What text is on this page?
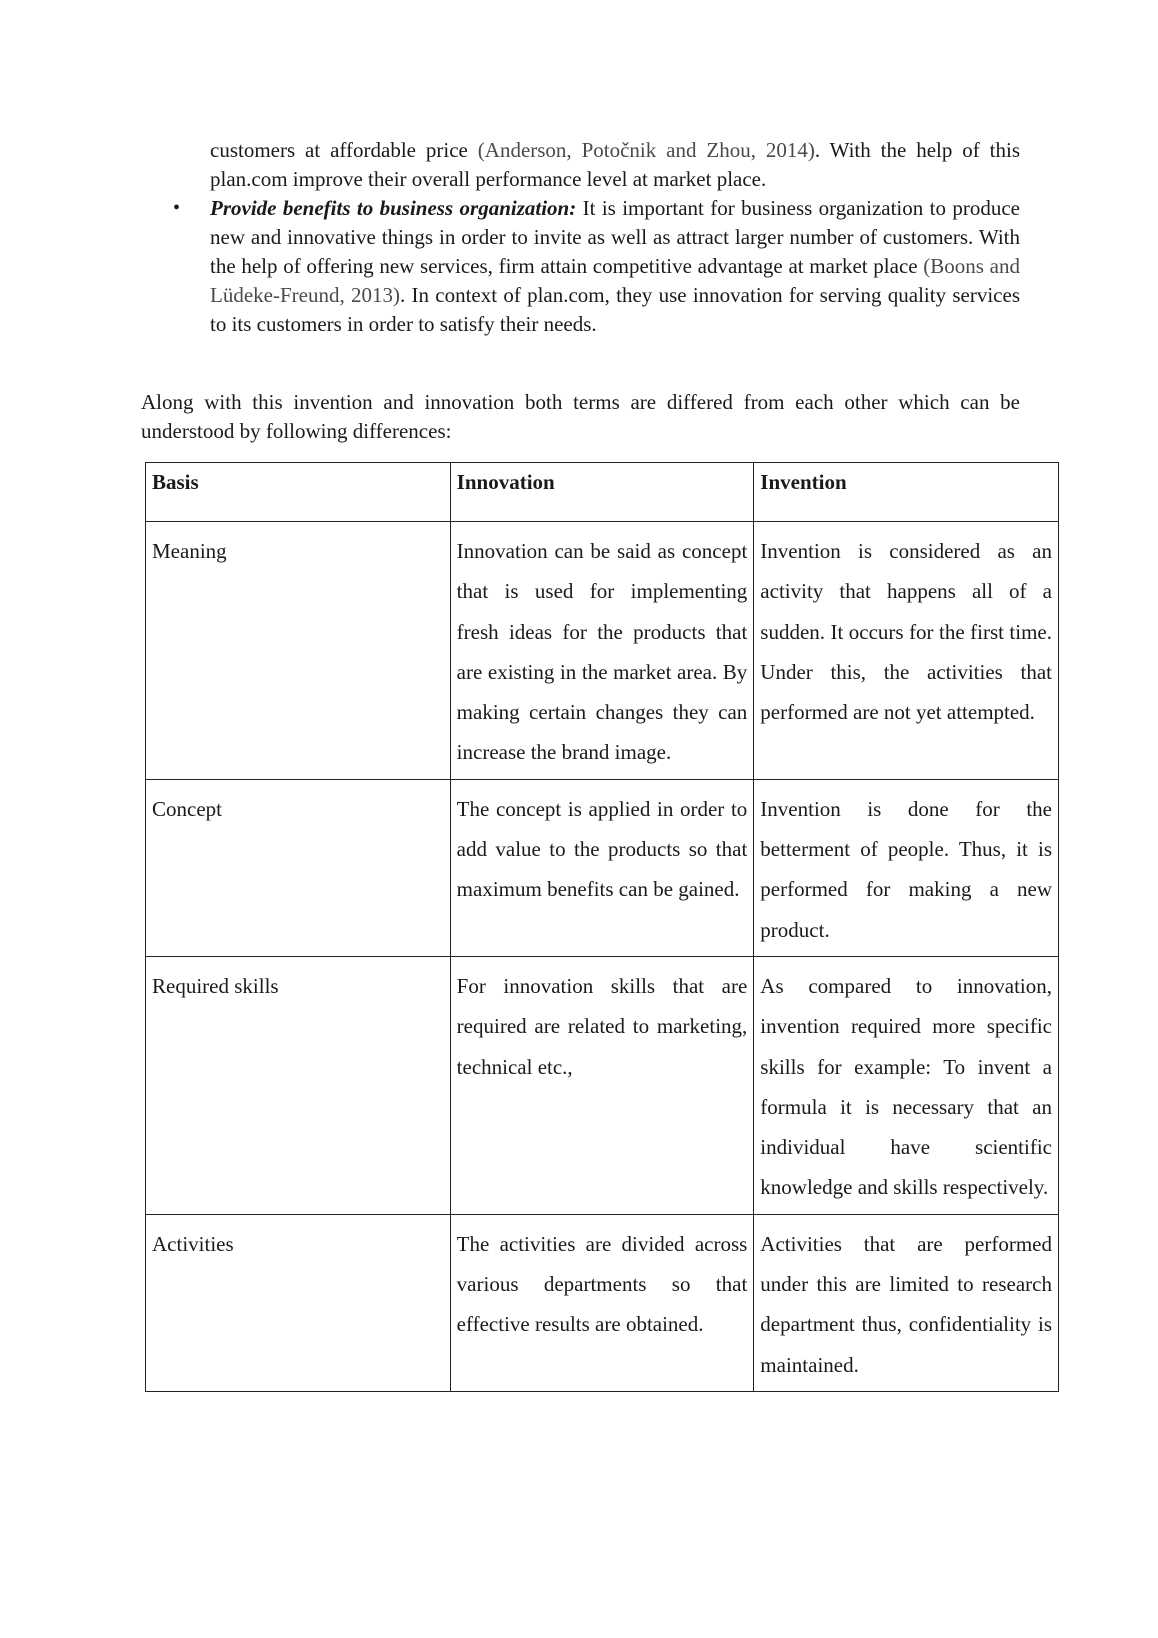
customers at affordable price (Anderson, Potočnik and Zhou, 2014). With the help of this plan.com improve their overall performance level at market place.

• Provide benefits to business organization: It is important for business organization to produce new and innovative things in order to invite as well as attract larger number of customers. With the help of offering new services, firm attain competitive advantage at market place (Boons and Lüdeke-Freund, 2013). In context of plan.com, they use innovation for serving quality services to its customers in order to satisfy their needs.

Along with this invention and innovation both terms are differed from each other which can be understood by following differences:

Basis	Innovation	Invention
Meaning	Innovation can be said as concept that is used for implementing fresh ideas for the products that are existing in the market area. By making certain changes they can increase the brand image.	Invention is considered as an activity that happens all of a sudden. It occurs for the first time. Under this, the activities that performed are not yet attempted.
Concept	The concept is applied in order to add value to the products so that maximum benefits can be gained.	Invention is done for the betterment of people. Thus, it is performed for making a new product.
Required skills	For innovation skills that are required are related to marketing, technical etc.,	As compared to innovation, invention required more specific skills for example: To invent a formula it is necessary that an individual have scientific knowledge and skills respectively.
Activities	The activities are divided across various departments so that effective results are obtained.	Activities that are performed under this are limited to research department thus, confidentiality is maintained.
